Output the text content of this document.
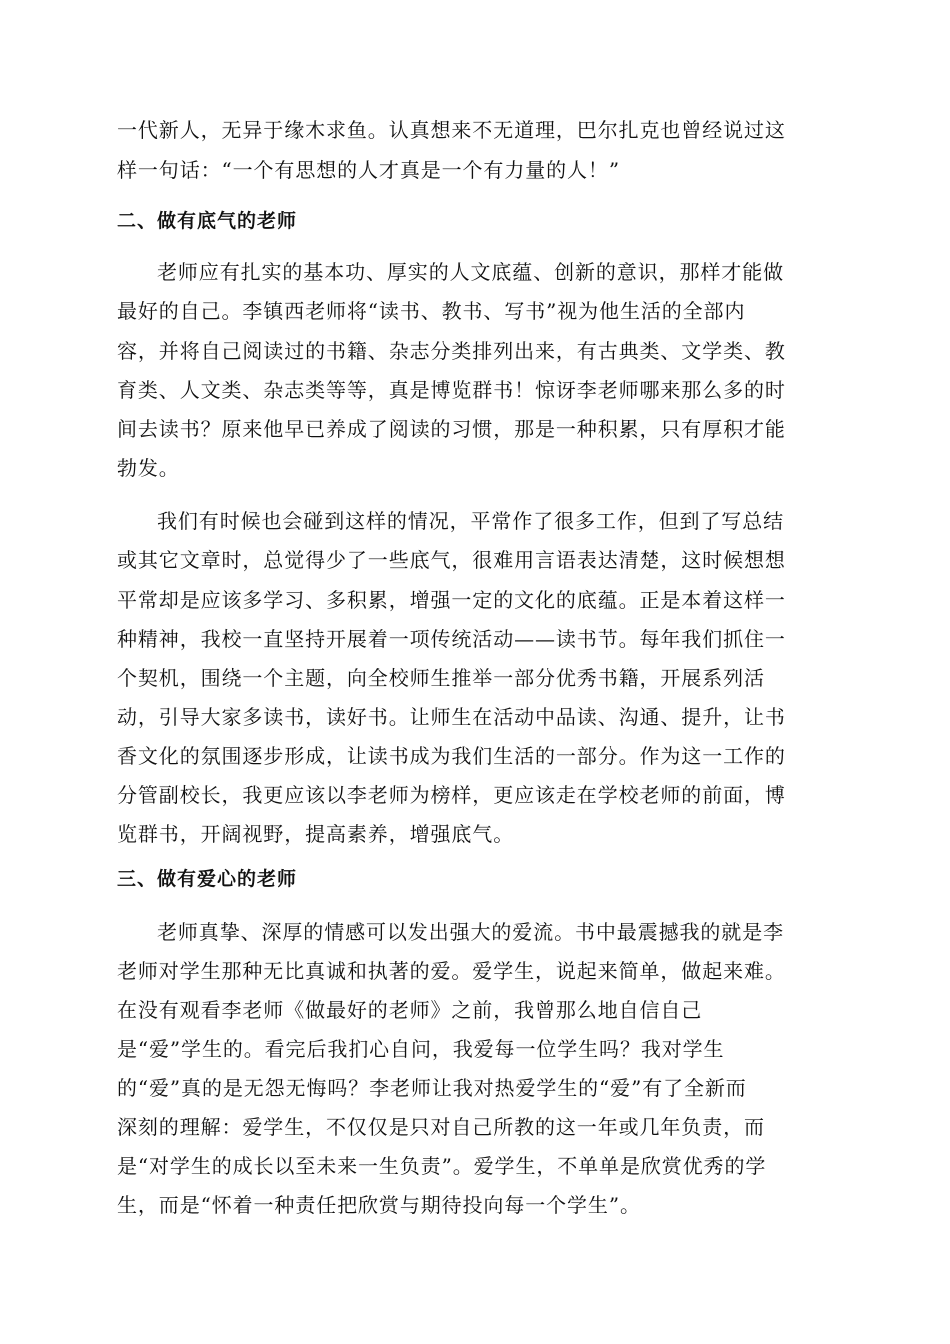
一代新人，无异于缘木求鱼。认真想来不无道理，巴尔扎克也曾经说过这
样一句话：“一个有思想的人才真是一个有力量的人！”
二、做有底气的老师
老师应有扎实的基本功、厚实的人文底蕴、创新的意识，那样才能做
最好的自己。李镇西老师将“读书、教书、写书”视为他生活的全部内
容，并将自己阅读过的书籍、杂志分类排列出来，有古典类、文学类、教
育类、人文类、杂志类等等，真是博览群书！惊讶李老师哪来那么多的时
间去读书？原来他早已养成了阅读的习惯，那是一种积累，只有厚积才能
勃发。
我们有时候也会碰到这样的情况，平常作了很多工作，但到了写总结
或其它文章时，总觉得少了一些底气，很难用言语表达清楚，这时候想想
平常却是应该多学习、多积累，增强一定的文化的底蕴。正是本着这样一
种精神，我校一直坚持开展着一项传统活动——读书节。每年我们抓住一
个契机，围绕一个主题，向全校师生推举一部分优秀书籍，开展系列活
动，引导大家多读书，读好书。让师生在活动中品读、沟通、提升，让书
香文化的氛围逐步形成，让读书成为我们生活的一部分。作为这一工作的
分管副校长，我更应该以李老师为榜样，更应该走在学校老师的前面，博
览群书，开阔视野，提高素养，增强底气。
三、做有爱心的老师
老师真挚、深厚的情感可以发出强大的爱流。书中最震撼我的就是李
老师对学生那种无比真诚和执著的爱。爱学生，说起来简单，做起来难。
在没有观看李老师《做最好的老师》之前，我曾那么地自信自己
是“爱”学生的。看完后我扪心自问，我爱每一位学生吗？我对学生
的“爱”真的是无怨无悔吗？李老师让我对热爱学生的“爱”有了全新而
深刻的理解：爱学生，不仅仅是只对自己所教的这一年或几年负责，而
是“对学生的成长以至未来一生负责”。爱学生，不单单是欣赏优秀的学
生，而是“怀着一种责任把欣赏与期待投向每一个学生”。
